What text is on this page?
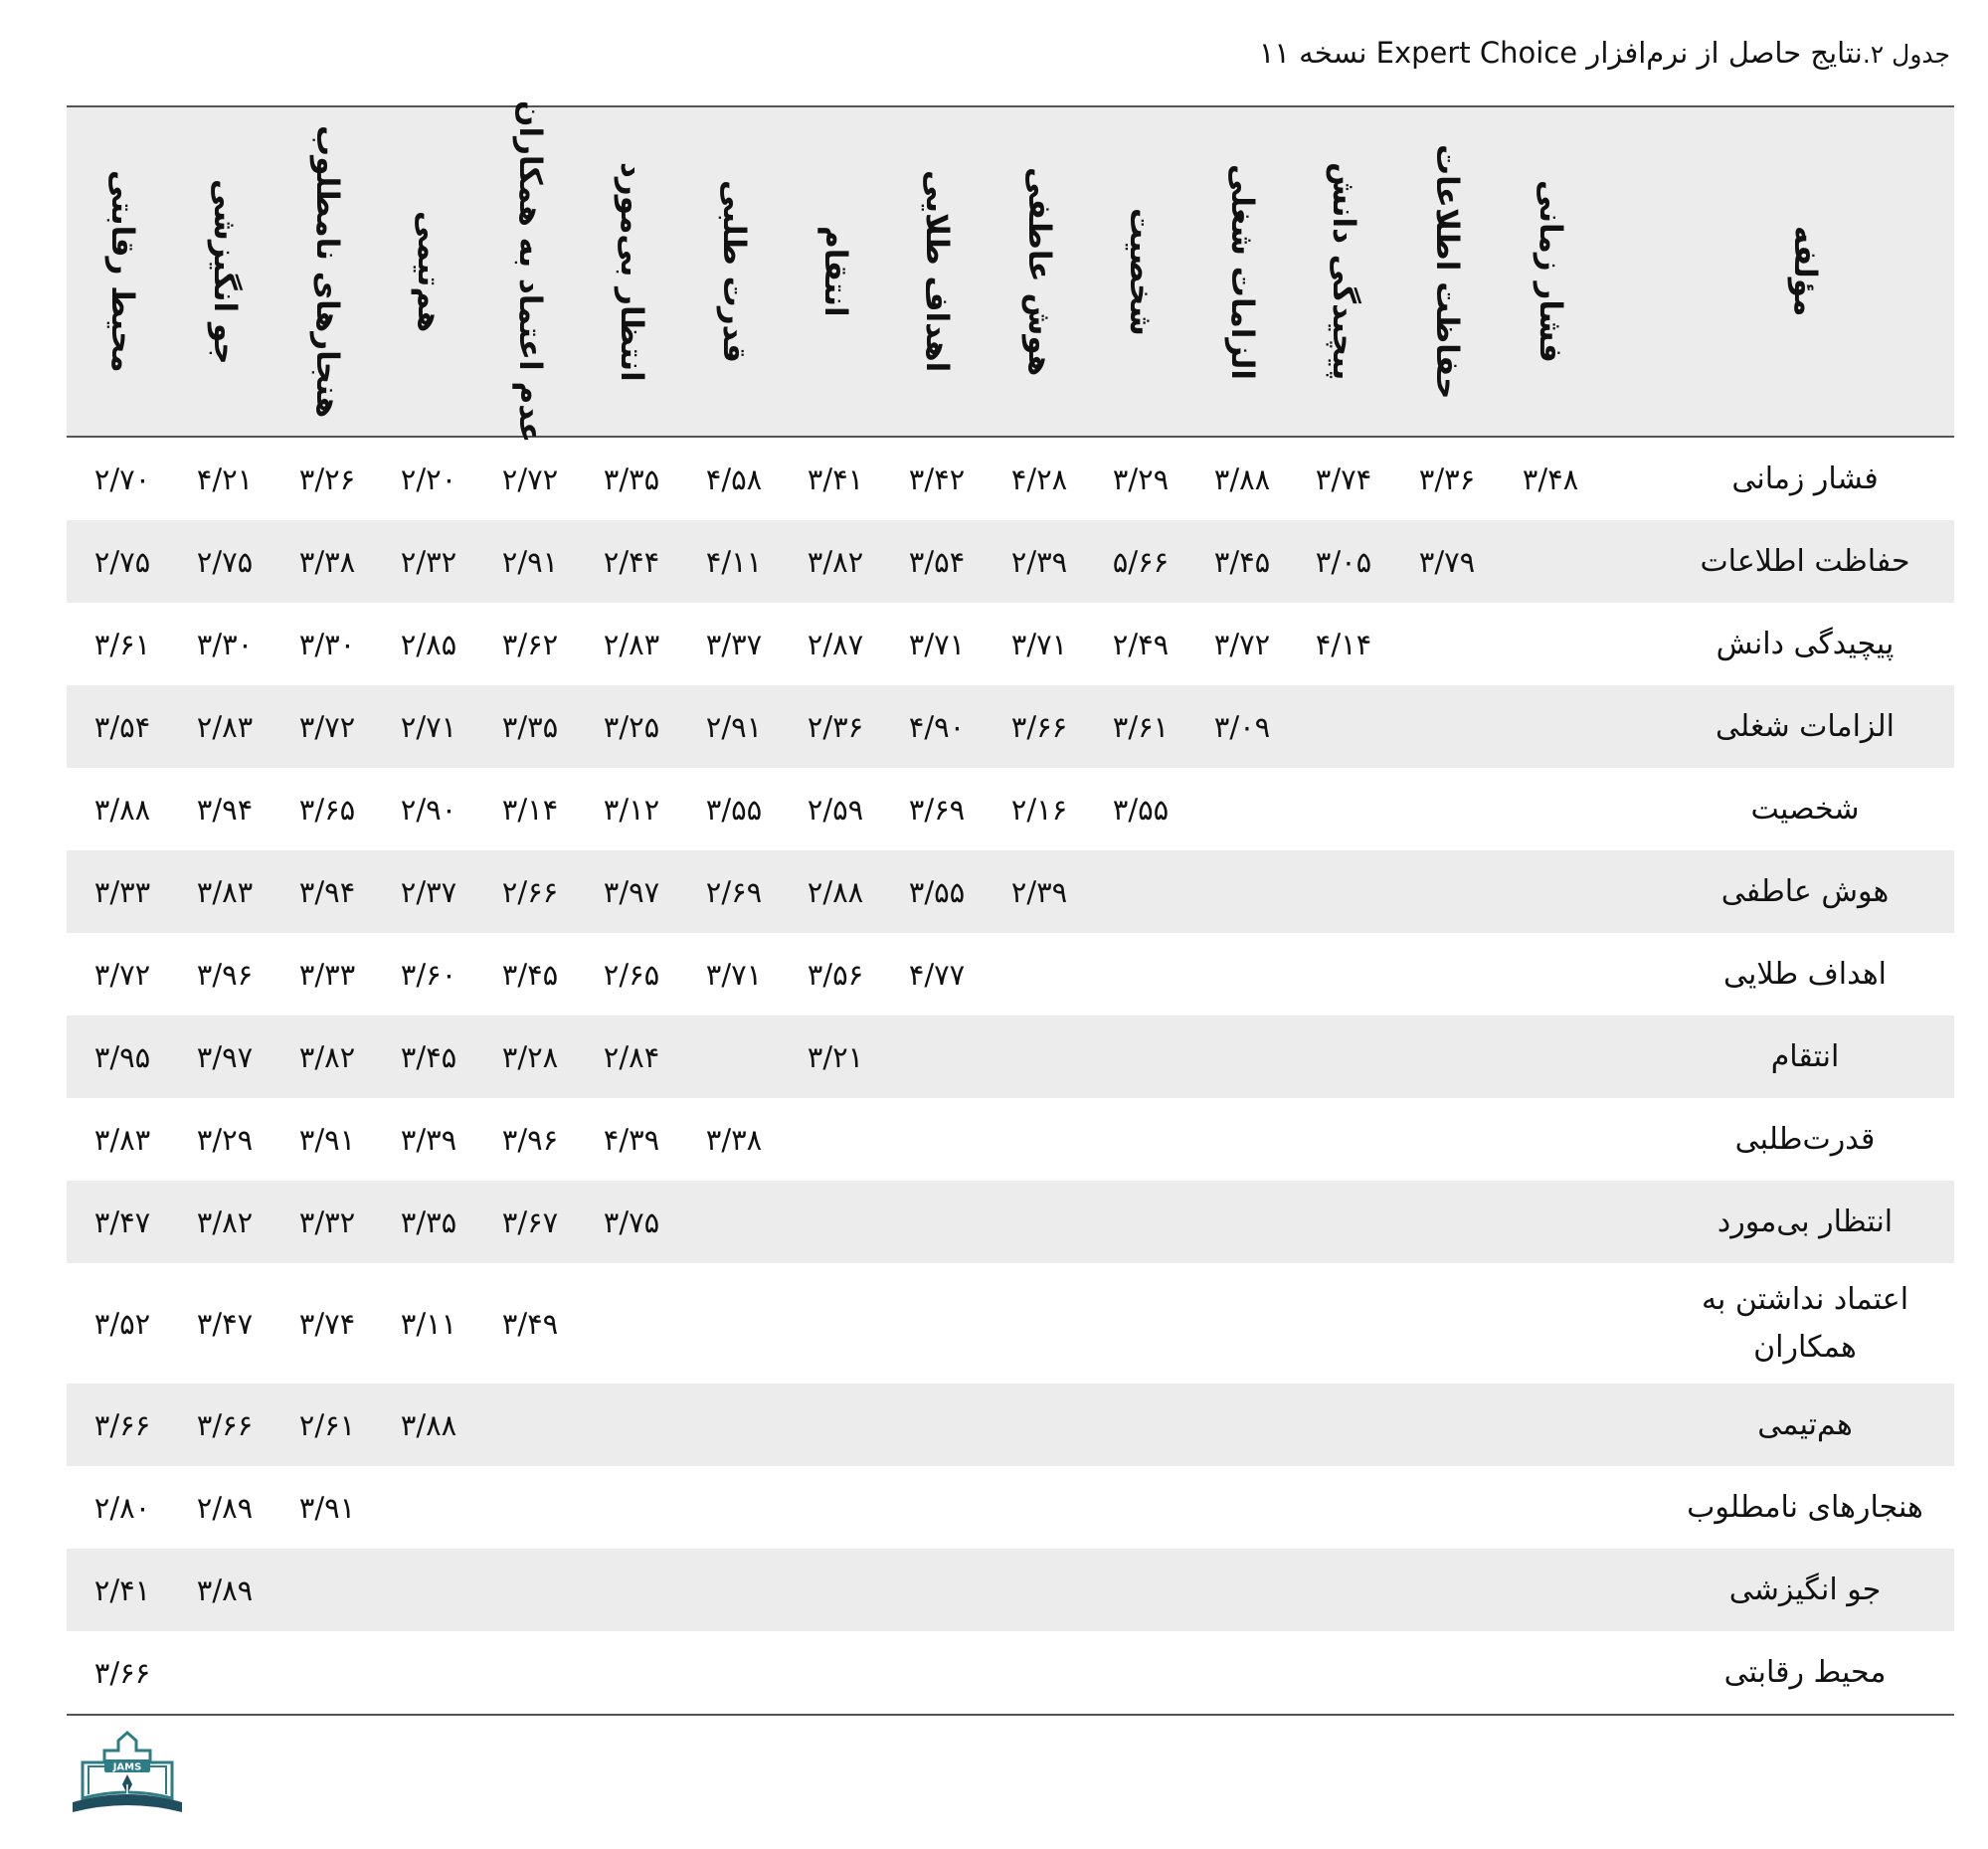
جدول ۲.نتایج حاصل از نرم‌افزار Expert Choice نسخه ۱۱
مؤلفه
فشار زمانی
حفاظت اطلاعات
پیچیدگی دانش
الزامات شغلی
شخصیت
هوش عاطفی
اهداف طلایی
انتقام
قدرت طلبی
انتظار بی‌مورد
عدم اعتماد به همکاران
هم‌تیمی
هنجارهای نامطلوب
جو انگیزشی
محیط رقابتی
فشار زمانی
۳/۴۸
۳/۳۶
۳/۷۴
۳/۸۸
۳/۲۹
۴/۲۸
۳/۴۲
۳/۴۱
۴/۵۸
۳/۳۵
۲/۷۲
۲/۲۰
۳/۲۶
۴/۲۱
۲/۷۰
حفاظت اطلاعات
۳/۷۹
۳/۰۵
۳/۴۵
۵/۶۶
۲/۳۹
۳/۵۴
۳/۸۲
۴/۱۱
۲/۴۴
۲/۹۱
۲/۳۲
۳/۳۸
۲/۷۵
۲/۷۵
پیچیدگی دانش
۴/۱۴
۳/۷۲
۲/۴۹
۳/۷۱
۳/۷۱
۲/۸۷
۳/۳۷
۲/۸۳
۳/۶۲
۲/۸۵
۳/۳۰
۳/۳۰
۳/۶۱
الزامات شغلی
۳/۰۹
۳/۶۱
۳/۶۶
۴/۹۰
۲/۳۶
۲/۹۱
۳/۲۵
۳/۳۵
۲/۷۱
۳/۷۲
۲/۸۳
۳/۵۴
شخصیت
۳/۵۵
۲/۱۶
۳/۶۹
۲/۵۹
۳/۵۵
۳/۱۲
۳/۱۴
۲/۹۰
۳/۶۵
۳/۹۴
۳/۸۸
هوش عاطفی
۲/۳۹
۳/۵۵
۲/۸۸
۲/۶۹
۳/۹۷
۲/۶۶
۲/۳۷
۳/۹۴
۳/۸۳
۳/۳۳
اهداف طلایی
۴/۷۷
۳/۵۶
۳/۷۱
۲/۶۵
۳/۴۵
۳/۶۰
۳/۳۳
۳/۹۶
۳/۷۲
انتقام
۳/۲۱
۲/۸۴
۳/۲۸
۳/۴۵
۳/۸۲
۳/۹۷
۳/۹۵
قدرت‌طلبی
۳/۳۸
۴/۳۹
۳/۹۶
۳/۳۹
۳/۹۱
۳/۲۹
۳/۸۳
انتظار بی‌مورد
۳/۷۵
۳/۶۷
۳/۳۵
۳/۳۲
۳/۸۲
۳/۴۷
اعتماد نداشتن به همکاران
۳/۴۹
۳/۱۱
۳/۷۴
۳/۴۷
۳/۵۲
هم‌تیمی
۳/۸۸
۲/۶۱
۳/۶۶
۳/۶۶
هنجارهای نامطلوب
۳/۹۱
۲/۸۹
۲/۸۰
جو انگیزشی
۳/۸۹
۲/۴۱
محیط رقابتی
۳/۶۶
JAMS
